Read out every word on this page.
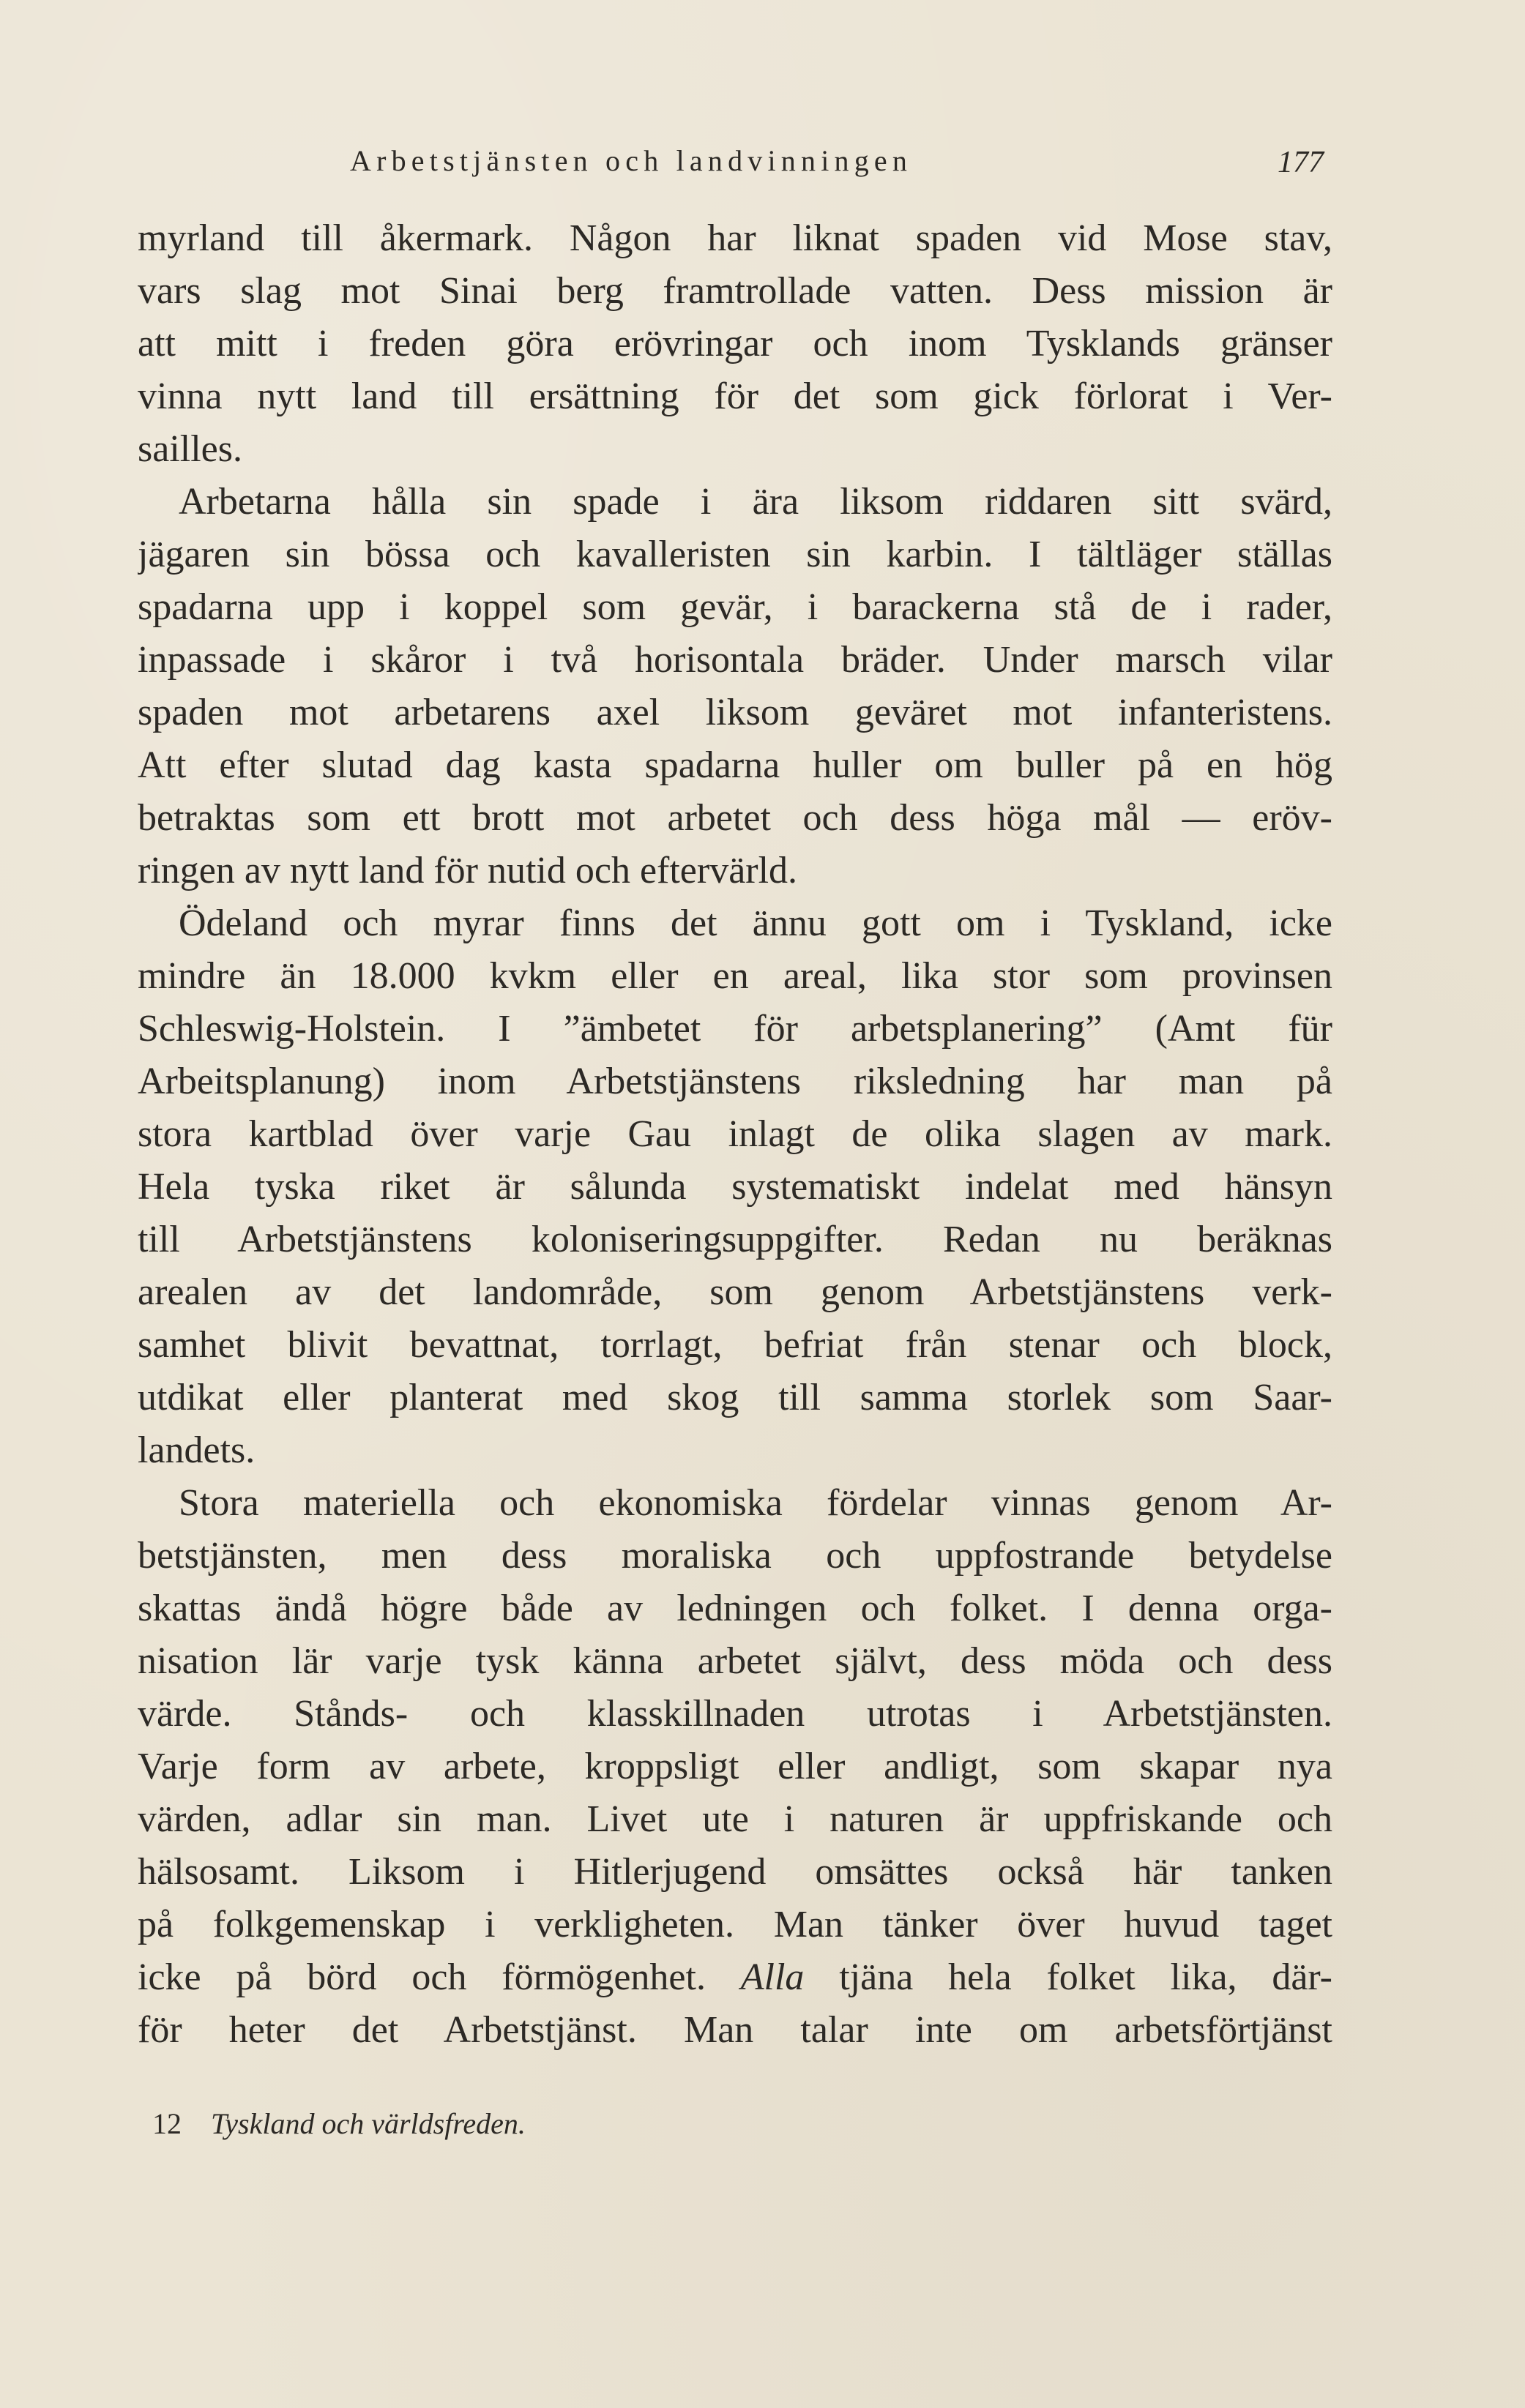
Arbetstjänsten och landvinningen	177
myrland till åkermark. Någon har liknat spaden vid Mose stav,
vars slag mot Sinai berg framtrollade vatten. Dess mission är
att mitt i freden göra erövringar och inom Tysklands gränser
vinna nytt land till ersättning för det som gick förlorat i Ver-
sailles.
Arbetarna hålla sin spade i ära liksom riddaren sitt svärd,
jägaren sin bössa och kavalleristen sin karbin. I tältläger ställas
spadarna upp i koppel som gevär, i barackerna stå de i rader,
inpassade i skåror i två horisontala bräder. Under marsch vilar
spaden mot arbetarens axel liksom geväret mot infanteristens.
Att efter slutad dag kasta spadarna huller om buller på en hög
betraktas som ett brott mot arbetet och dess höga mål — eröv-
ringen av nytt land för nutid och eftervärld.
Ödeland och myrar finns det ännu gott om i Tyskland, icke
mindre än 18.000 kvkm eller en areal, lika stor som provinsen
Schleswig-Holstein. I ”ämbetet för arbetsplanering” (Amt für
Arbeitsplanung) inom Arbetstjänstens riksledning har man på
stora kartblad över varje Gau inlagt de olika slagen av mark.
Hela tyska riket är sålunda systematiskt indelat med hänsyn
till Arbetstjänstens koloniseringsuppgifter. Redan nu beräknas
arealen av det landområde, som genom Arbetstjänstens verk-
samhet blivit bevattnat, torrlagt, befriat från stenar och block,
utdikat eller planterat med skog till samma storlek som Saar-
landets.
Stora materiella och ekonomiska fördelar vinnas genom Ar-
betstjänsten, men dess moraliska och uppfostrande betydelse
skattas ändå högre både av ledningen och folket. I denna orga-
nisation lär varje tysk känna arbetet självt, dess möda och dess
värde. Stånds- och klasskillnaden utrotas i Arbetstjänsten.
Varje form av arbete, kroppsligt eller andligt, som skapar nya
värden, adlar sin man. Livet ute i naturen är uppfriskande och
hälsosamt. Liksom i Hitlerjugend omsättes också här tanken
på folkgemenskap i verkligheten. Man tänker över huvud taget
icke på börd och förmögenhet. Alla tjäna hela folket lika, där-
för heter det Arbetstjänst. Man talar inte om arbetsförtjänst
12 Tyskland och världsfreden.
